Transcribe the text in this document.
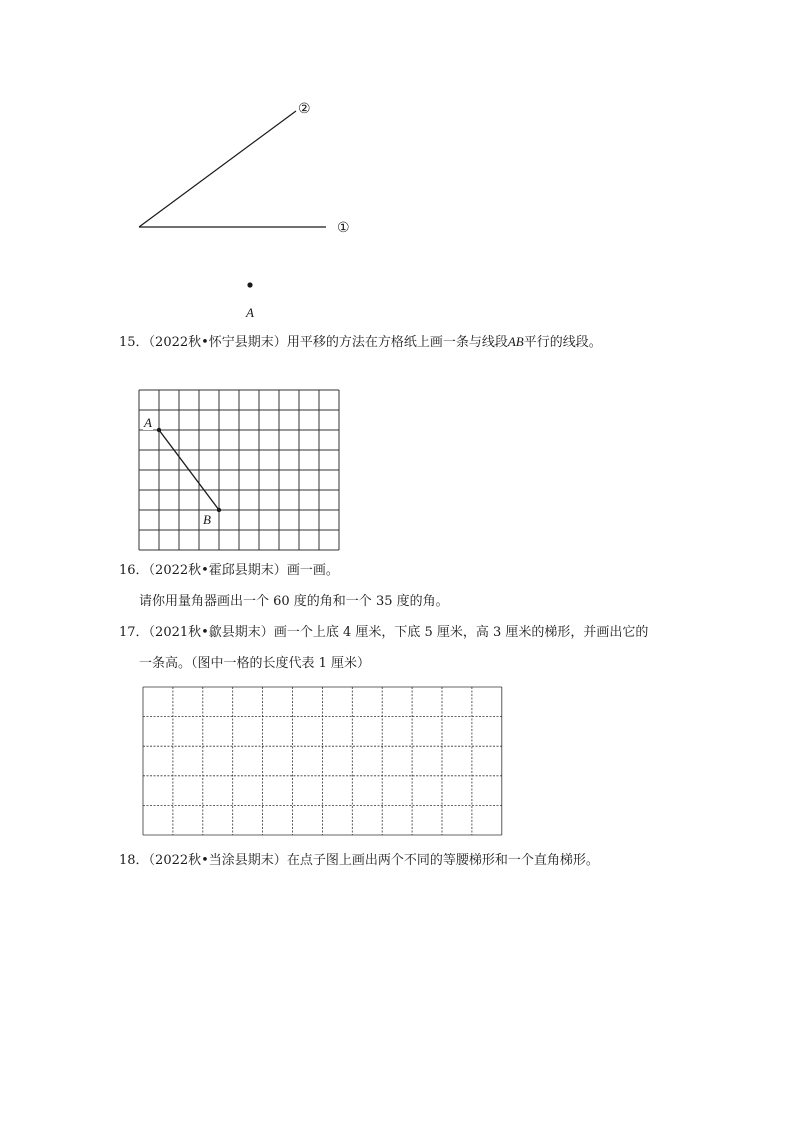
②
①
A
15．（2022秋•怀宁县期末）用平移的方法在方格纸上画一条与线段AB平行的线段。
A
B
16．（2022秋•霍邱县期末）画一画。
请你用量角器画出一个 60 度的角和一个 35 度的角。
17．（2021秋•歙县期末）画一个上底 4 厘米，下底 5 厘米，高 3 厘米的梯形，并画出它的
一条高。（图中一格的长度代表 1 厘米）
18．（2022秋•当涂县期末）在点子图上画出两个不同的等腰梯形和一个直角梯形。
